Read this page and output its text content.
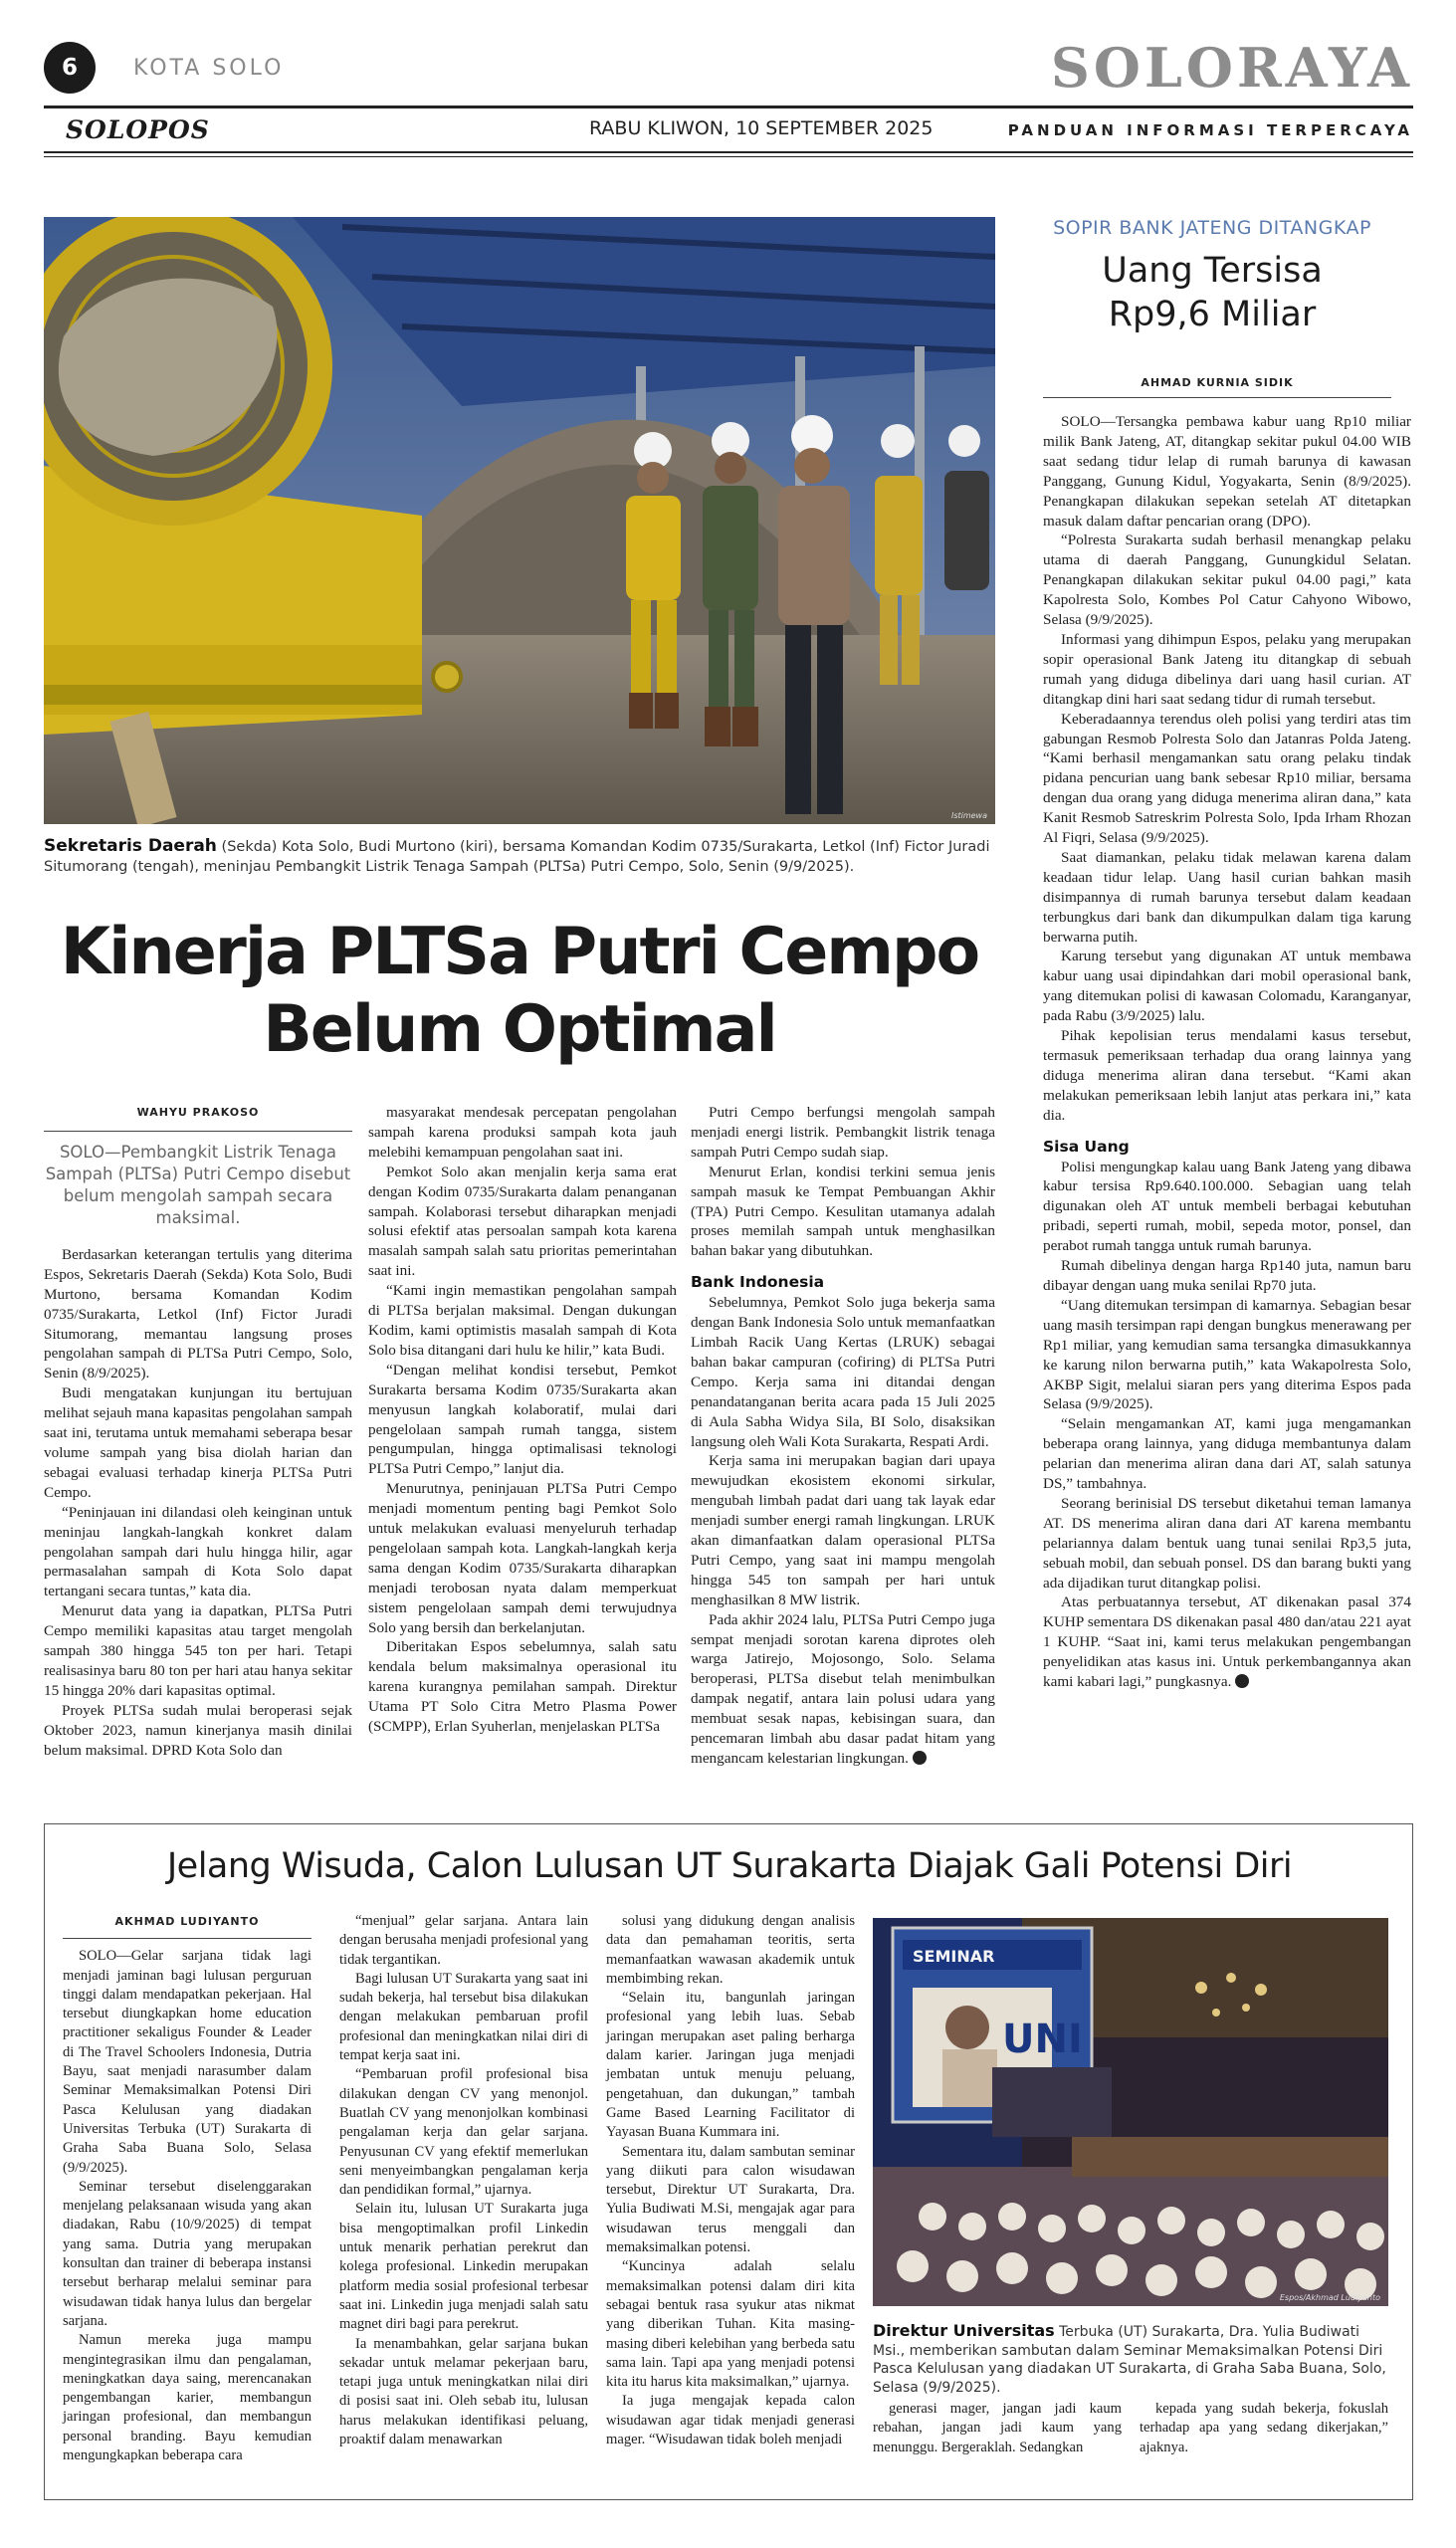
6	KOTA SOLO	SOLORAYA
SOLOPOS	RABU KLIWON, 10 SEPTEMBER 2025	PANDUAN INFORMASI TERPERCAYA
Istimewa
Sekretaris Daerah (Sekda) Kota Solo, Budi Murtono (kiri), bersama Komandan Kodim 0735/Surakarta, Letkol (Inf) Fictor Juradi Situmorang (tengah), meninjau Pembangkit Listrik Tenaga Sampah (PLTSa) Putri Cempo, Solo, Senin (9/9/2025).
Kinerja PLTSa Putri Cempo
Belum Optimal
WAHYU PRAKOSO

SOLO—Pembangkit Listrik Tenaga Sampah (PLTSa) Putri Cempo disebut belum mengolah sampah secara maksimal.

Berdasarkan keterangan tertulis yang diterima Espos, Sekretaris Daerah (Sekda) Kota Solo, Budi Murtono, bersama Komandan Kodim 0735/Surakarta, Letkol (Inf) Fictor Juradi Situmorang, memantau langsung proses pengolahan sampah di PLTSa Putri Cempo, Solo, Senin (8/9/2025).

Budi mengatakan kunjungan itu bertujuan melihat sejauh mana kapasitas pengolahan sampah saat ini, terutama untuk memahami seberapa besar volume sampah yang bisa diolah harian dan sebagai evaluasi terhadap kinerja PLTSa Putri Cempo.

“Peninjauan ini dilandasi oleh keinginan untuk meninjau langkah-langkah konkret dalam pengolahan sampah dari hulu hingga hilir, agar permasalahan sampah di Kota Solo dapat tertangani secara tuntas,” kata dia.

Menurut data yang ia dapatkan, PLTSa Putri Cempo memiliki kapasitas atau target mengolah sampah 380 hingga 545 ton per hari. Tetapi realisasinya baru 80 ton per hari atau hanya sekitar 15 hingga 20% dari kapasitas optimal.

Proyek PLTSa sudah mulai beroperasi sejak Oktober 2023, namun kinerjanya masih dinilai belum maksimal. DPRD Kota Solo dan

masyarakat mendesak percepatan pengolahan sampah karena produksi sampah kota jauh melebihi kemampuan pengolahan saat ini.

Pemkot Solo akan menjalin kerja sama erat dengan Kodim 0735/Surakarta dalam penanganan sampah. Kolaborasi tersebut diharapkan menjadi solusi efektif atas persoalan sampah kota karena masalah sampah salah satu prioritas pemerintahan saat ini.

“Kami ingin memastikan pengolahan sampah di PLTSa berjalan maksimal. Dengan dukungan Kodim, kami optimistis masalah sampah di Kota Solo bisa ditangani dari hulu ke hilir,” kata Budi.

“Dengan melihat kondisi tersebut, Pemkot Surakarta bersama Kodim 0735/Surakarta akan menyusun langkah kolaboratif, mulai dari pengelolaan sampah rumah tangga, sistem pengumpulan, hingga optimalisasi teknologi PLTSa Putri Cempo,” lanjut dia.

Menurutnya, peninjauan PLTSa Putri Cempo menjadi momentum penting bagi Pemkot Solo untuk melakukan evaluasi menyeluruh terhadap pengelolaan sampah kota. Langkah-langkah kerja sama dengan Kodim 0735/Surakarta diharapkan menjadi terobosan nyata dalam memperkuat sistem pengelolaan sampah demi terwujudnya Solo yang bersih dan berkelanjutan.

Diberitakan Espos sebelumnya, salah satu kendala belum maksimalnya operasional itu karena kurangnya pemilahan sampah. Direktur Utama PT Solo Citra Metro Plasma Power (SCMPP), Erlan Syuherlan, menjelaskan PLTSa

Putri Cempo berfungsi mengolah sampah menjadi energi listrik. Pembangkit listrik tenaga sampah Putri Cempo sudah siap.

Menurut Erlan, kondisi terkini semua jenis sampah masuk ke Tempat Pembuangan Akhir (TPA) Putri Cempo. Kesulitan utamanya adalah proses memilah sampah untuk menghasilkan bahan bakar yang dibutuhkan.

Bank Indonesia

Sebelumnya, Pemkot Solo juga bekerja sama dengan Bank Indonesia Solo untuk memanfaatkan Limbah Racik Uang Kertas (LRUK) sebagai bahan bakar campuran (cofiring) di PLTSa Putri Cempo. Kerja sama ini ditandai dengan penandatanganan berita acara pada 15 Juli 2025 di Aula Sabha Widya Sila, BI Solo, disaksikan langsung oleh Wali Kota Surakarta, Respati Ardi.

Kerja sama ini merupakan bagian dari upaya mewujudkan ekosistem ekonomi sirkular, mengubah limbah padat dari uang tak layak edar menjadi sumber energi ramah lingkungan. LRUK akan dimanfaatkan dalam operasional PLTSa Putri Cempo, yang saat ini mampu mengolah hingga 545 ton sampah per hari untuk menghasilkan 8 MW listrik.

Pada akhir 2024 lalu, PLTSa Putri Cempo juga sempat menjadi sorotan karena diprotes oleh warga Jatirejo, Mojosongo, Solo. Selama beroperasi, PLTSa disebut telah menimbulkan dampak negatif, antara lain polusi udara yang membuat sesak napas, kebisingan suara, dan pencemaran limbah abu dasar padat hitam yang mengancam kelestarian lingkungan.

SOPIR BANK JATENG DITANGKAP
Uang Tersisa
Rp9,6 Miliar
AHMAD KURNIA SIDIK

SOLO—Tersangka pembawa kabur uang Rp10 miliar milik Bank Jateng, AT, ditangkap sekitar pukul 04.00 WIB saat sedang tidur lelap di rumah barunya di kawasan Panggang, Gunung Kidul, Yogyakarta, Senin (8/9/2025). Penangkapan dilakukan sepekan setelah AT ditetapkan masuk dalam daftar pencarian orang (DPO).

“Polresta Surakarta sudah berhasil menangkap pelaku utama di daerah Panggang, Gunungkidul Selatan. Penangkapan dilakukan sekitar pukul 04.00 pagi,” kata Kapolresta Solo, Kombes Pol Catur Cahyono Wibowo, Selasa (9/9/2025).

Informasi yang dihimpun Espos, pelaku yang merupakan sopir operasional Bank Jateng itu ditangkap di sebuah rumah yang diduga dibelinya dari uang hasil curian. AT ditangkap dini hari saat sedang tidur di rumah tersebut.

Keberadaannya terendus oleh polisi yang terdiri atas tim gabungan Resmob Polresta Solo dan Jatanras Polda Jateng. “Kami berhasil mengamankan satu orang pelaku tindak pidana pencurian uang bank sebesar Rp10 miliar, bersama dengan dua orang yang diduga menerima aliran dana,” kata Kanit Resmob Satreskrim Polresta Solo, Ipda Irham Rhozan Al Fiqri, Selasa (9/9/2025).

Saat diamankan, pelaku tidak melawan karena dalam keadaan tidur lelap. Uang hasil curian bahkan masih disimpannya di rumah barunya tersebut dalam keadaan terbungkus dari bank dan dikumpulkan dalam tiga karung berwarna putih.

Karung tersebut yang digunakan AT untuk membawa kabur uang usai dipindahkan dari mobil operasional bank, yang ditemukan polisi di kawasan Colomadu, Karanganyar, pada Rabu (3/9/2025) lalu.

Pihak kepolisian terus mendalami kasus tersebut, termasuk pemeriksaan terhadap dua orang lainnya yang diduga menerima aliran dana tersebut. “Kami akan melakukan pemeriksaan lebih lanjut atas perkara ini,” kata dia.

Sisa Uang

Polisi mengungkap kalau uang Bank Jateng yang dibawa kabur tersisa Rp9.640.100.000. Sebagian uang telah digunakan oleh AT untuk membeli berbagai kebutuhan pribadi, seperti rumah, mobil, sepeda motor, ponsel, dan perabot rumah tangga untuk rumah barunya.

Rumah dibelinya dengan harga Rp140 juta, namun baru dibayar dengan uang muka senilai Rp70 juta.

“Uang ditemukan tersimpan di kamarnya. Sebagian besar uang masih tersimpan rapi dengan bungkus menerawang per Rp1 miliar, yang kemudian sama tersangka dimasukkannya ke karung nilon berwarna putih,” kata Wakapolresta Solo, AKBP Sigit, melalui siaran pers yang diterima Espos pada Selasa (9/9/2025).

“Selain mengamankan AT, kami juga mengamankan beberapa orang lainnya, yang diduga membantunya dalam pelarian dan menerima aliran dana dari AT, salah satunya DS,” tambahnya.

Seorang berinisial DS tersebut diketahui teman lamanya AT. DS menerima aliran dana dari AT karena membantu pelariannya dalam bentuk uang tunai senilai Rp3,5 juta, sebuah mobil, dan sebuah ponsel. DS dan barang bukti yang ada dijadikan turut ditangkap polisi.

Atas perbuatannya tersebut, AT dikenakan pasal 374 KUHP sementara DS dikenakan pasal 480 dan/atau 221 ayat 1 KUHP. “Saat ini, kami terus melakukan pengembangan penyelidikan atas kasus ini. Untuk perkembangannya akan kami kabari lagi,” pungkasnya.

Jelang Wisuda, Calon Lulusan UT Surakarta Diajak Gali Potensi Diri
AKHMAD LUDIYANTO

SOLO—Gelar sarjana tidak lagi menjadi jaminan bagi lulusan perguruan tinggi dalam mendapatkan pekerjaan. Hal tersebut diungkapkan home education practitioner sekaligus Founder & Leader di The Travel Schoolers Indonesia, Dutria Bayu, saat menjadi narasumber dalam Seminar Memaksimalkan Potensi Diri Pasca Kelulusan yang diadakan Universitas Terbuka (UT) Surakarta di Graha Saba Buana Solo, Selasa (9/9/2025).

Seminar tersebut diselenggarakan menjelang pelaksanaan wisuda yang akan diadakan, Rabu (10/9/2025) di tempat yang sama. Dutria yang merupakan konsultan dan trainer di beberapa instansi tersebut berharap melalui seminar para wisudawan tidak hanya lulus dan bergelar sarjana.

Namun mereka juga mampu mengintegrasikan ilmu dan pengalaman, meningkatkan daya saing, merencanakan pengembangan karier, membangun jaringan profesional, dan membangun personal branding. Bayu kemudian mengungkapkan beberapa cara

“menjual” gelar sarjana. Antara lain dengan berusaha menjadi profesional yang tidak tergantikan.

Bagi lulusan UT Surakarta yang saat ini sudah bekerja, hal tersebut bisa dilakukan dengan melakukan pembaruan profil profesional dan meningkatkan nilai diri di tempat kerja saat ini.

“Pembaruan profil profesional bisa dilakukan dengan CV yang menonjol. Buatlah CV yang menonjolkan kombinasi pengalaman kerja dan gelar sarjana. Penyusunan CV yang efektif memerlukan seni menyeimbangkan pengalaman kerja dan pendidikan formal,” ujarnya.

Selain itu, lulusan UT Surakarta juga bisa mengoptimalkan profil Linkedin untuk menarik perhatian perekrut dan kolega profesional. Linkedin merupakan platform media sosial profesional terbesar saat ini. Linkedin juga menjadi salah satu magnet diri bagi para perekrut.

Ia menambahkan, gelar sarjana bukan sekadar untuk melamar pekerjaan baru, tetapi juga untuk meningkatkan nilai diri di posisi saat ini. Oleh sebab itu, lulusan harus melakukan identifikasi peluang, proaktif dalam menawarkan

solusi yang didukung dengan analisis data dan pemahaman teoritis, serta memanfaatkan wawasan akademik untuk membimbing rekan.

“Selain itu, bangunlah jaringan profesional yang lebih luas. Sebab jaringan merupakan aset paling berharga dalam karier. Jaringan juga menjadi jembatan untuk menuju peluang, pengetahuan, dan dukungan,” tambah Game Based Learning Facilitator di Yayasan Buana Kummara ini.

Sementara itu, dalam sambutan seminar yang diikuti para calon wisudawan tersebut, Direktur UT Surakarta, Dra. Yulia Budiwati M.Si, mengajak agar para wisudawan terus menggali dan memaksimalkan potensi.

“Kuncinya adalah selalu memaksimalkan potensi dalam diri kita sebagai bentuk rasa syukur atas nikmat yang diberikan Tuhan. Kita masing-masing diberi kelebihan yang berbeda satu sama lain. Tapi apa yang menjadi potensi kita itu harus kita maksimalkan,” ujarnya.

Ia juga mengajak kepada calon wisudawan agar tidak menjadi generasi mager. “Wisudawan tidak boleh menjadi

SEMINAR
UNI
Espos/Akhmad Ludiyanto
Direktur Universitas Terbuka (UT) Surakarta, Dra. Yulia Budiwati Msi., memberikan sambutan dalam Seminar Memaksimalkan Potensi Diri Pasca Kelulusan yang diadakan UT Surakarta, di Graha Saba Buana, Solo, Selasa (9/9/2025).

generasi mager, jangan jadi kaum rebahan, jangan jadi kaum yang menunggu. Bergeraklah. Sedangkan

kepada yang sudah bekerja, fokuslah terhadap apa yang sedang dikerjakan,” ajaknya.
